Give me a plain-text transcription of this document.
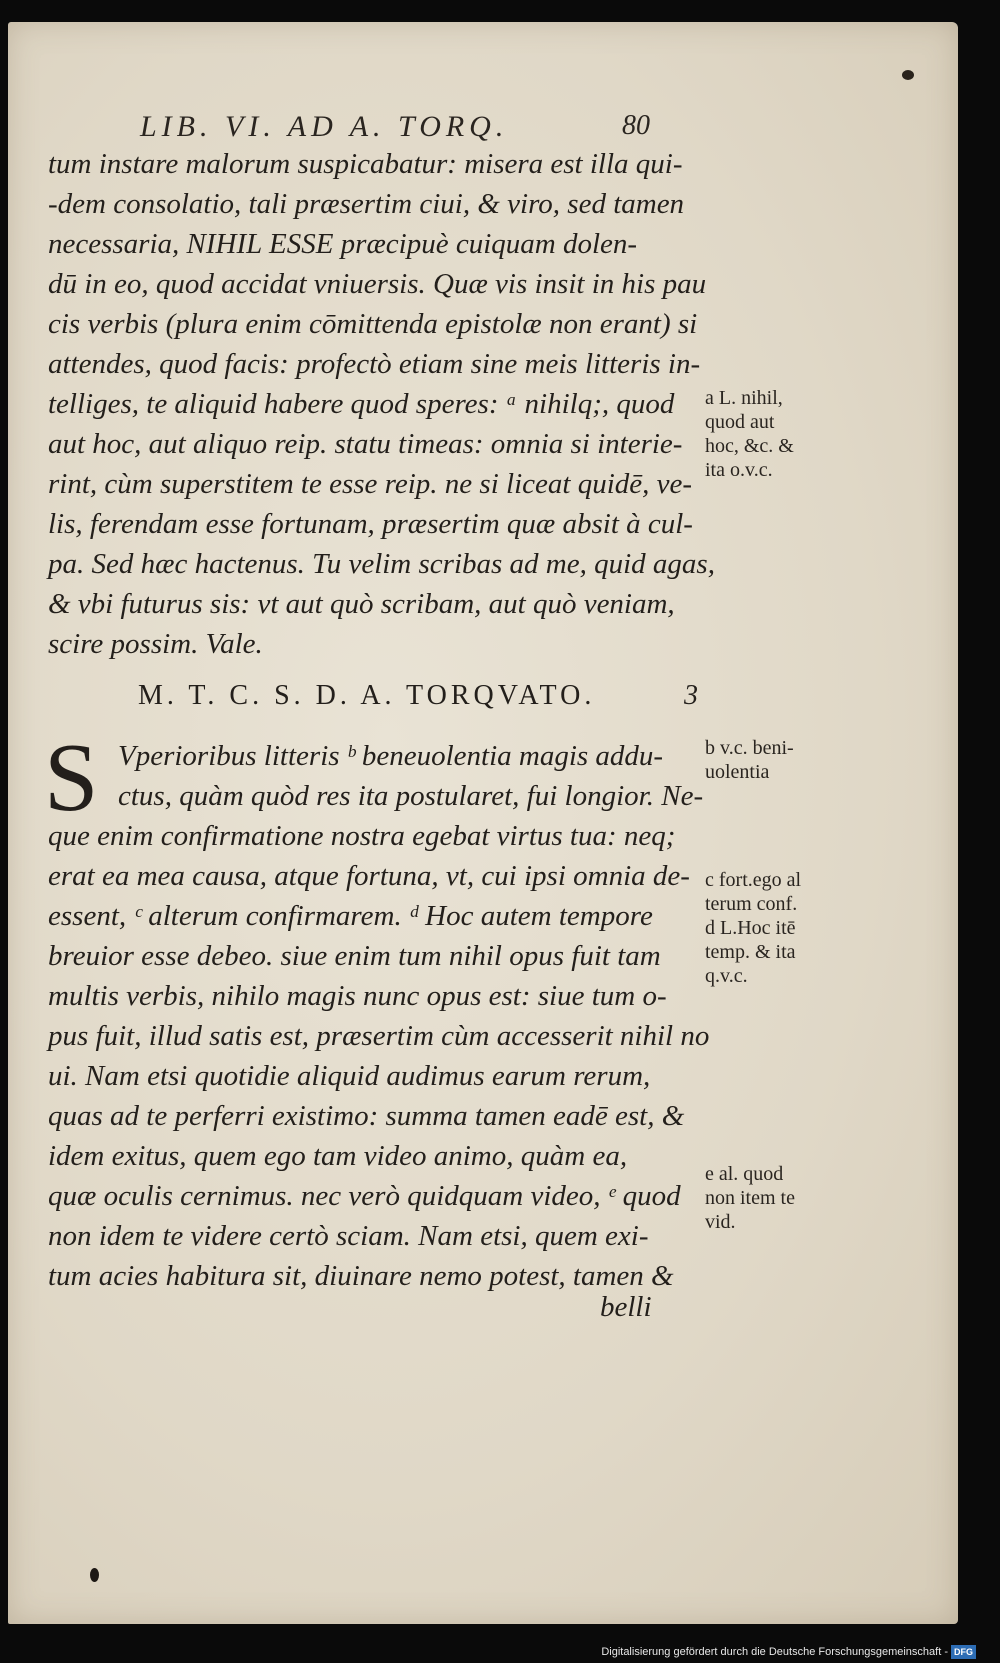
LIB. VI. AD A. TORQ.	80
tum instare malorum suspicabatur: misera est illa qui-
-dem consolatio, tali præsertim ciui, & viro, sed tamen
necessaria, NIHIL ESSE præcipuè cuiquam dolen-
dū in eo, quod accidat vniuersis. Quæ vis insit in his pau
cis verbis (plura enim cōmittenda epistolæ non erant) si
attendes, quod facis: profectò etiam sine meis litteris in-
telliges, te aliquid habere quod speres: ᵃ nihilq;, quod
aut hoc, aut aliquo reip. statu timeas: omnia si interie-
rint, cùm superstitem te esse reip. ne si liceat quidē, ve-
lis, ferendam esse fortunam, præsertim quæ absit à cul-
pa. Sed hæc hactenus. Tu velim scribas ad me, quid agas,
& vbi futurus sis: vt aut quò scribam, aut quò veniam,
scire possim. Vale.
M. T. C. S. D. A. TORQVATO.	3
S Vperioribus litteris ᵇ beneuolentia magis addu-
ctus, quàm quòd res ita postularet, fui longior. Ne-
que enim confirmatione nostra egebat virtus tua: neq;
erat ea mea causa, atque fortuna, vt, cui ipsi omnia de-
essent, ᶜ alterum confirmarem. ᵈ Hoc autem tempore
breuior esse debeo. siue enim tum nihil opus fuit tam
multis verbis, nihilo magis nunc opus est: siue tum o-
pus fuit, illud satis est, præsertim cùm accesserit nihil no
ui. Nam etsi quotidie aliquid audimus earum rerum,
quas ad te perferri existimo: summa tamen eadē est, &
idem exitus, quem ego tam video animo, quàm ea,
quæ oculis cernimus. nec verò quidquam video, ᵉ quod
non idem te videre certò sciam. Nam etsi, quem exi-
tum acies habitura sit, diuinare nemo potest, tamen &
belli
a L. nihil,
quod aut
hoc, &c. &
ita o.v.c.
b v.c. beni-
uolentia
c fort.ego al
terum conf.
d L.Hoc itē
temp. & ita
q.v.c.
e al. quod
non item te
vid.
Digitalisierung gefördert durch die Deutsche Forschungsgemeinschaft - DFG
